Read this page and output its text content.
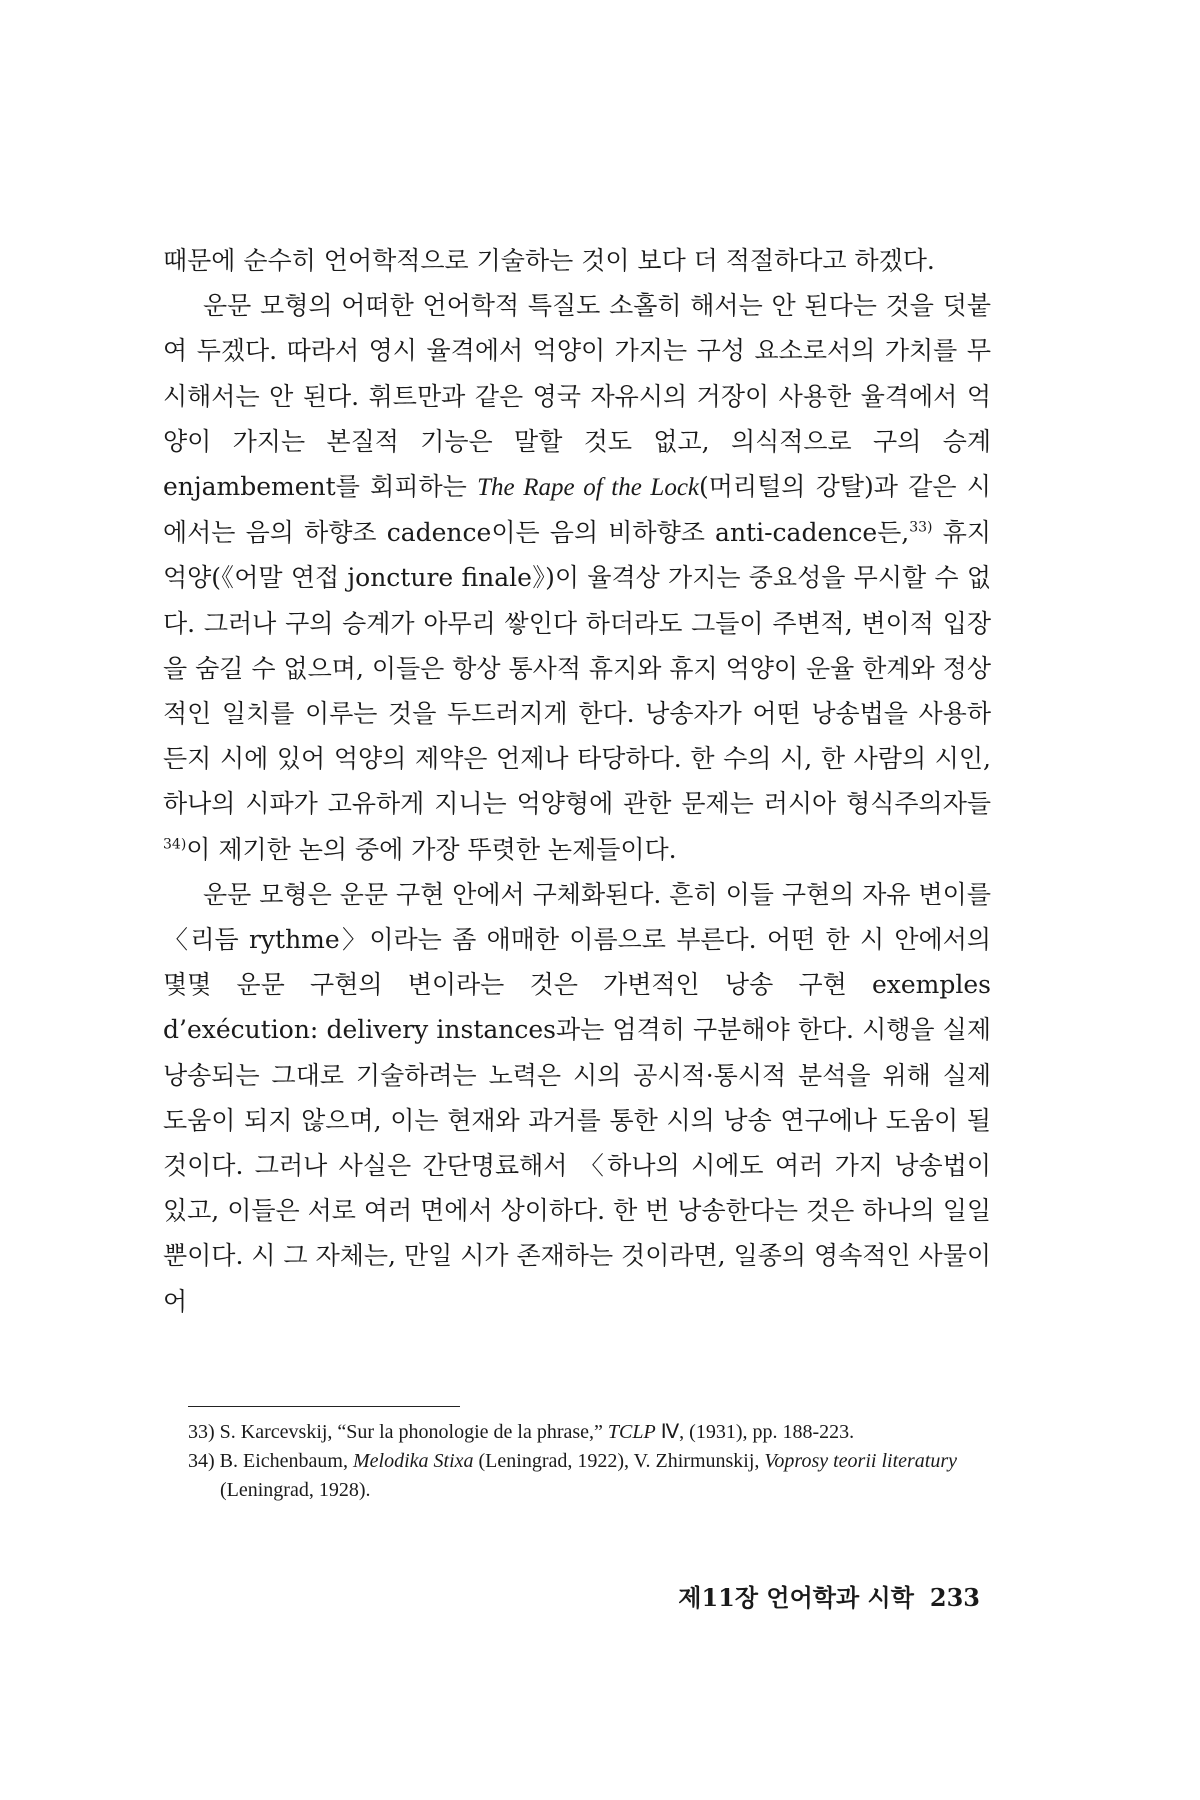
때문에 순수히 언어학적으로 기술하는 것이 보다 더 적절하다고 하겠다.

운문 모형의 어떠한 언어학적 특질도 소홀히 해서는 안 된다는 것을 덧붙여 두겠다. 따라서 영시 율격에서 억양이 가지는 구성 요소로서의 가치를 무시해서는 안 된다. 휘트만과 같은 영국 자유시의 거장이 사용한 율격에서 억양이 가지는 본질적 기능은 말할 것도 없고, 의식적으로 구의 승계 enjambement를 회피하는 The Rape of the Lock(머리털의 강탈)과 같은 시에서는 음의 하향조 cadence이든 음의 비하향조 anti-cadence든,$^{33)}$ 휴지 억양(《어말 연접 joncture finale》)이 율격상 가지는 중요성을 무시할 수 없다. 그러나 구의 승계가 아무리 쌓인다 하더라도 그들이 주변적, 변이적 입장을 숨길 수 없으며, 이들은 항상 통사적 휴지와 휴지 억양이 운율 한계와 정상적인 일치를 이루는 것을 두드러지게 한다. 낭송자가 어떤 낭송법을 사용하든지 시에 있어 억양의 제약은 언제나 타당하다. 한 수의 시, 한 사람의 시인, 하나의 시파가 고유하게 지니는 억양형에 관한 문제는 러시아 형식주의자들$^{34)}$이 제기한 논의 중에 가장 뚜렷한 논제들이다.

운문 모형은 운문 구현 안에서 구체화된다. 흔히 이들 구현의 자유 변이를 〈리듬 rythme〉이라는 좀 애매한 이름으로 부른다. 어떤 한 시 안에서의 몇몇 운문 구현의 변이라는 것은 가변적인 낭송 구현 exemples d’exécution: delivery instances과는 엄격히 구분해야 한다. 시행을 실제 낭송되는 그대로 기술하려는 노력은 시의 공시적·통시적 분석을 위해 실제 도움이 되지 않으며, 이는 현재와 과거를 통한 시의 낭송 연구에나 도움이 될 것이다. 그러나 사실은 간단명료해서 〈하나의 시에도 여러 가지 낭송법이 있고, 이들은 서로 여러 면에서 상이하다. 한 번 낭송한다는 것은 하나의 일일 뿐이다. 시 그 자체는, 만일 시가 존재하는 것이라면, 일종의 영속적인 사물이어

33) S. Karcevskij, “Sur la phonologie de la phrase,” TCLP Ⅳ, (1931), pp. 188-223.

34) B. Eichenbaum, Melodika Stixa (Leningrad, 1922), V. Zhirmunskij, Voprosy teorii literatury (Leningrad, 1928).

제11장 언어학과 시학 233
